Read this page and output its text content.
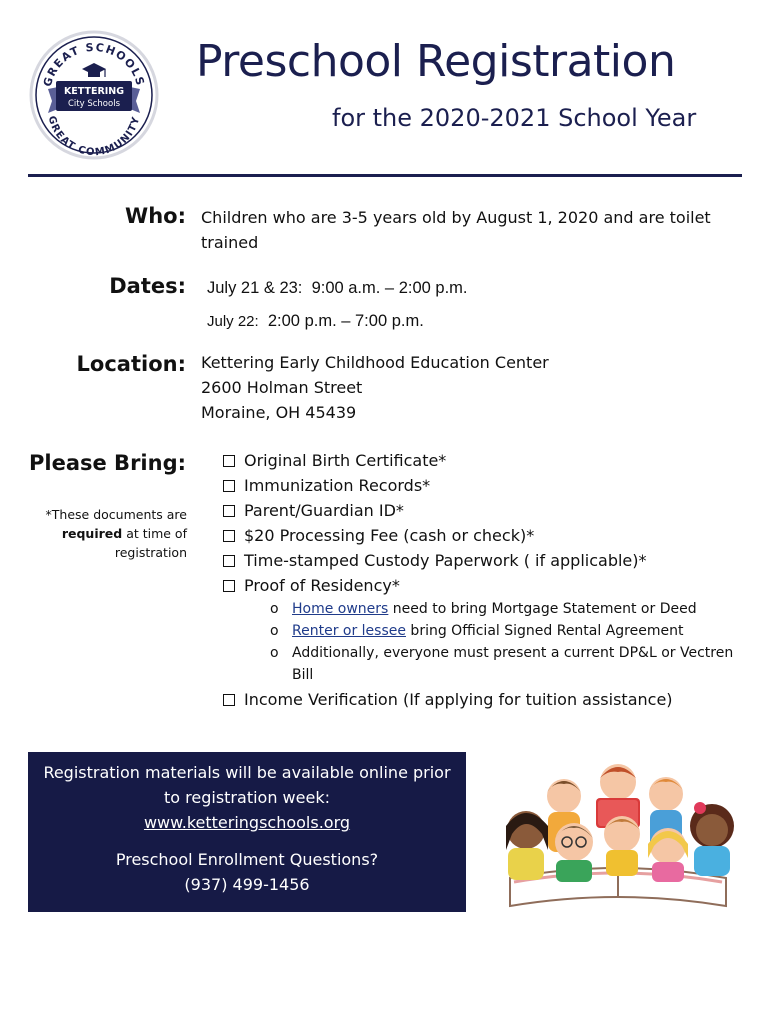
GREAT SCHOOLS
GREAT COMMUNITY
KETTERING
City Schools
Preschool Registration
for the 2020-2021 School Year
Who: Children who are 3-5 years old by August 1, 2020 and are toilet trained
Dates: July 21 & 23: 9:00 a.m. – 2:00 p.m.
July 22: 2:00 p.m. – 7:00 p.m.
Location: Kettering Early Childhood Education Center
2600 Holman Street
Moraine, OH 45439
Please Bring:
*These documents are required at time of registration
Original Birth Certificate*
Immunization Records*
Parent/Guardian ID*
$20 Processing Fee (cash or check)*
Time-stamped Custody Paperwork ( if applicable)*
Proof of Residency*
o Home owners need to bring Mortgage Statement or Deed
o Renter or lessee bring Official Signed Rental Agreement
o Additionally, everyone must present a current DP&L or Vectren Bill
Income Verification (If applying for tuition assistance)
Registration materials will be available online prior
to registration week:
www.ketteringschools.org
Preschool Enrollment Questions?
(937) 499-1456
